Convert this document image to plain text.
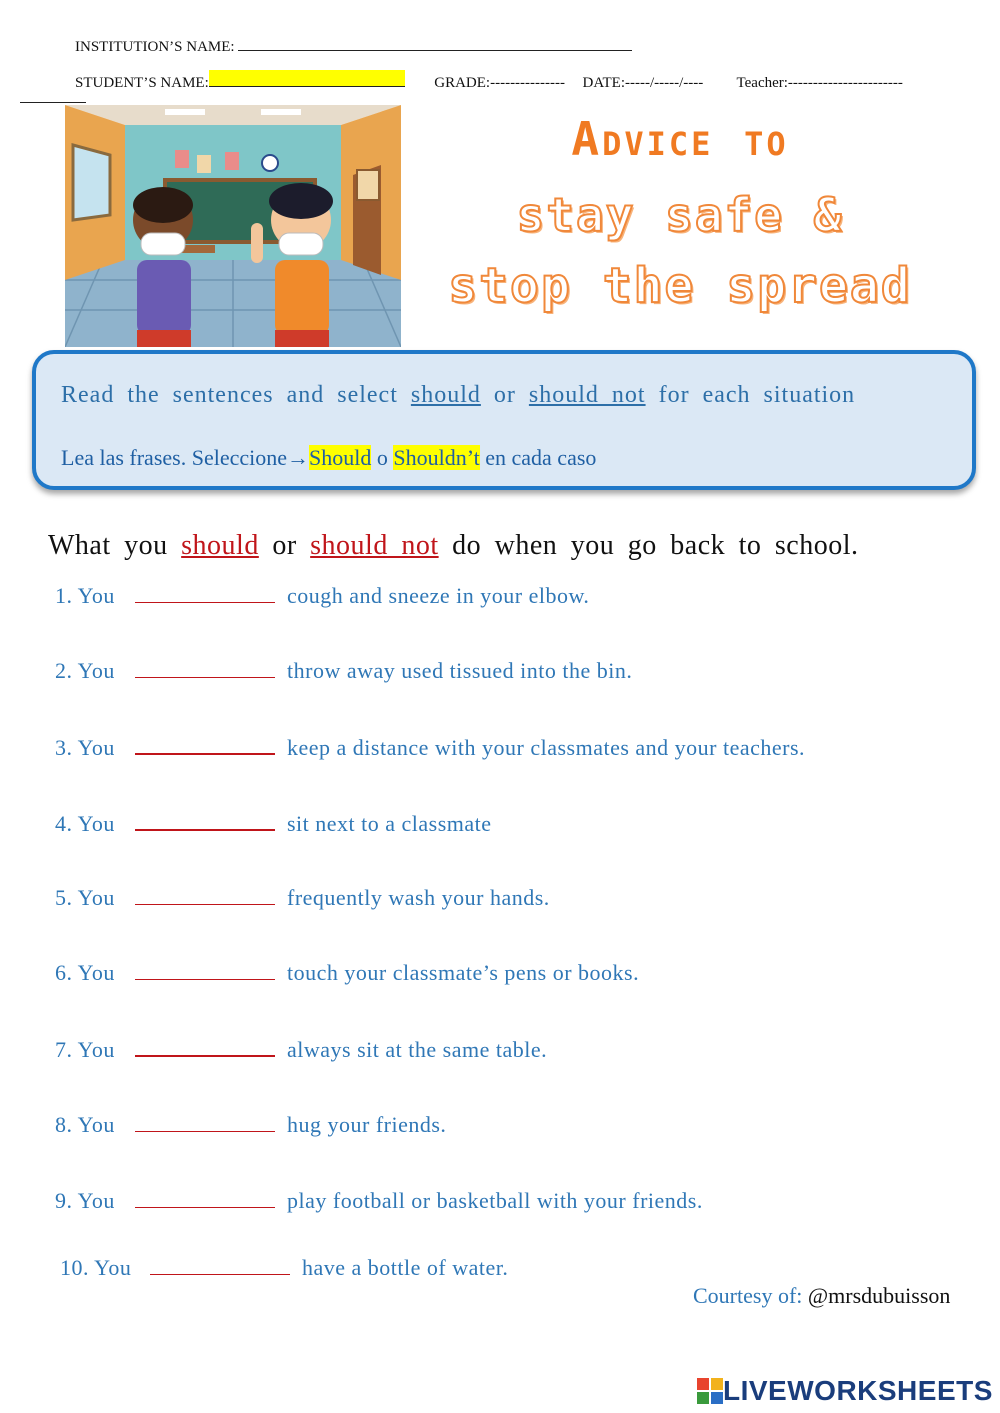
INSTITUTION’S NAME:
STUDENT’S NAME:	GRADE:--------------- DATE:-----/-----/---- Teacher:-----------------------
Advice to
stay safe &
stop the spread
Read the sentences and select should or should not for each situation
Lea las frases. Seleccione→Should o Shouldn’t en cada caso
What you should or should not do when you go back to school.
1. You	cough and sneeze in your elbow.
2. You	throw away used tissued into the bin.
3. You	keep a distance with your classmates and your teachers.
4. You	sit next to a classmate
5. You	frequently wash your hands.
6. You	touch your classmate’s pens or books.
7. You	always sit at the same table.
8. You	hug your friends.
9. You	play football or basketball with your friends.
10. You	have a bottle of water.
Courtesy of: @mrsdubuisson
LIVEWORKSHEETS
